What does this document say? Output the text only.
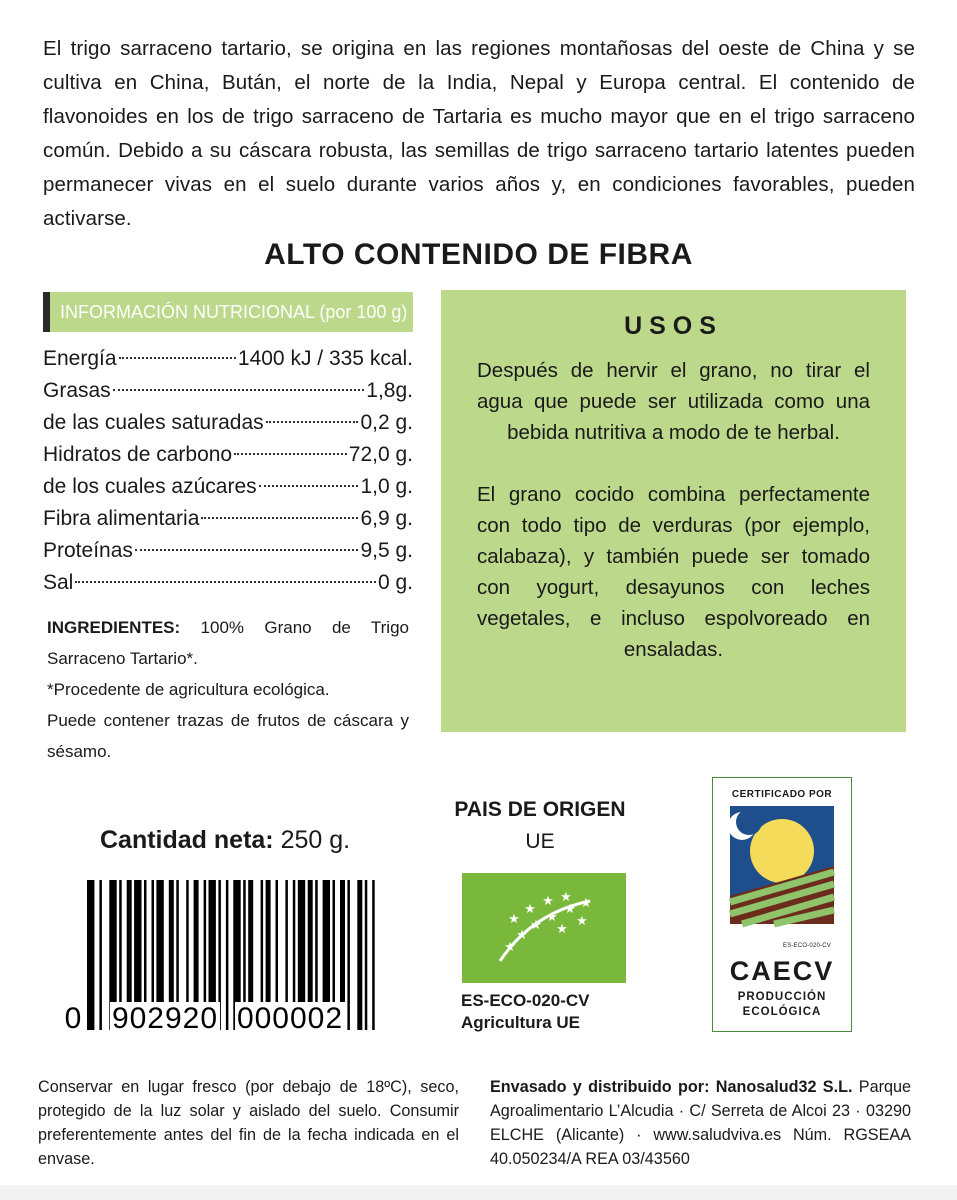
El trigo sarraceno tartario, se origina en las regiones montañosas del oeste de China y se cultiva en China, Bután, el norte de la India, Nepal y Europa central. El contenido de flavonoides en los de trigo sarraceno de Tartaria es mucho mayor que en el trigo sarraceno común. Debido a su cáscara robusta, las semillas de trigo sarraceno tartario latentes pueden permanecer vivas en el suelo durante varios años y, en condiciones favorables, pueden activarse.

ALTO CONTENIDO DE FIBRA
INFORMACIÓN NUTRICIONAL (por 100 g)
Energía	1400 kJ / 335 kcal.
Grasas	1,8g.
de las cuales saturadas	0,2 g.
Hidratos de carbono	72,0 g.
de los cuales azúcares	1,0 g.
Fibra alimentaria	6,9 g.
Proteínas	9,5 g.
Sal	0 g.

INGREDIENTES: 100% Grano de Trigo Sarraceno Tartario*.

*Procedente de agricultura ecológica.

Puede contener trazas de frutos de cáscara y sésamo.

USOS

Después de hervir el grano, no tirar el agua que puede ser utilizada como una bebida nutritiva a modo de te herbal.

El grano cocido combina perfectamente con todo tipo de verduras (por ejemplo, calabaza), y también puede ser tomado con yogurt, desayunos con leches vegetales, e incluso espolvoreado en ensaladas.

Cantidad neta: 250 g.
0 902920 000002
PAIS DE ORIGEN
UE
★
★
★
★
★ ★
★
★
★ ★
★
★
ES-ECO-020-CV
Agricultura UE
CERTIFICADO POR
ES-ECO-020-CV
CAECV
PRODUCCIÓN
ECOLÓGICA

Conservar en lugar fresco (por debajo de 18ºC), seco, protegido de la luz solar y aislado del suelo. Consumir preferentemente antes del fin de la fecha indicada en el envase.

Envasado y distribuido por: Nanosalud32 S.L. Parque Agroalimentario L’Alcudia · C/ Serreta de Alcoi 23 · 03290 ELCHE (Alicante) · www.saludviva.es Núm. RGSEAA 40.050234/A REA 03/43560
